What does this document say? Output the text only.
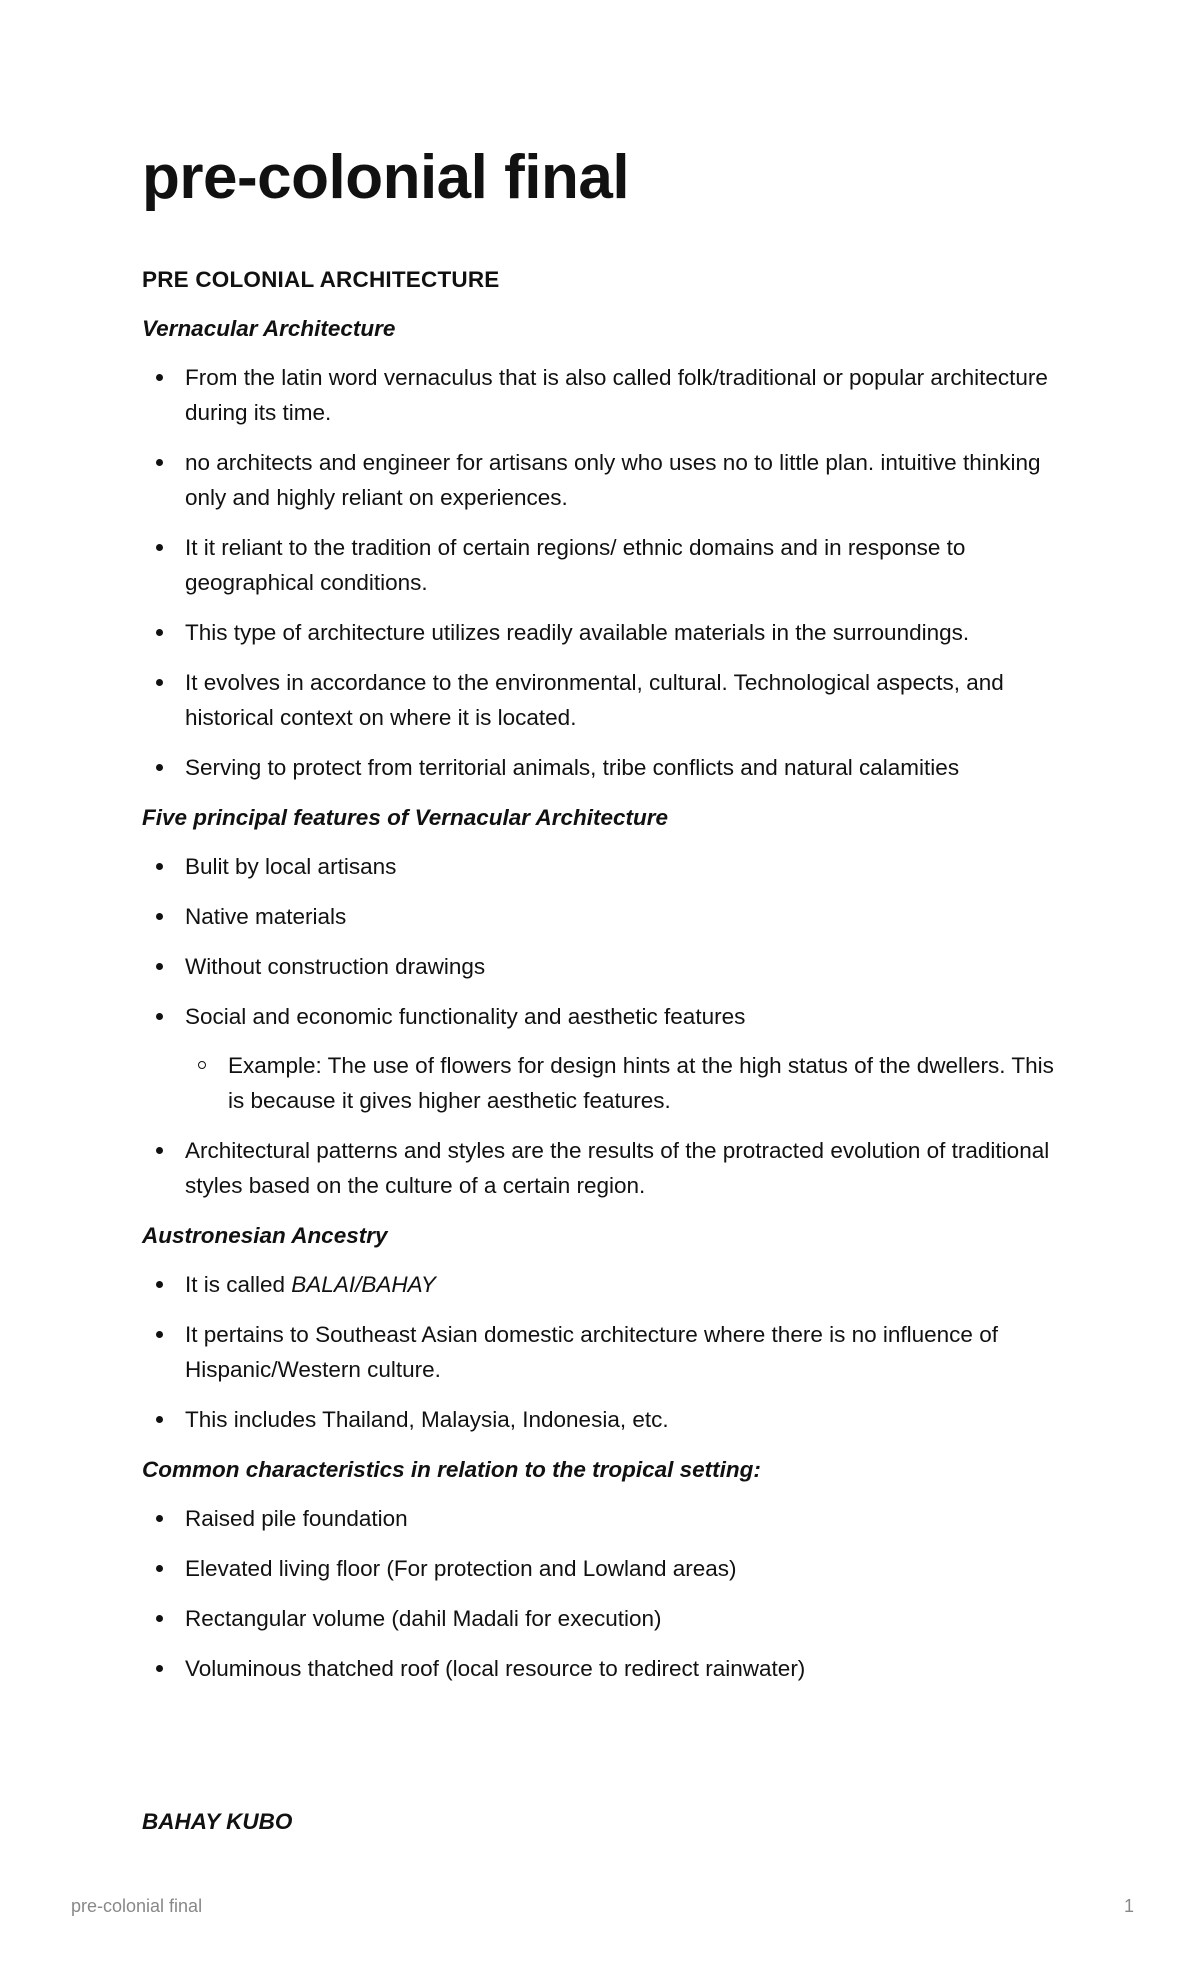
pre-colonial final
PRE COLONIAL ARCHITECTURE
Vernacular Architecture
From the latin word vernaculus that is also called folk/traditional or popular architecture during its time.
no architects and engineer for artisans only who uses no to little plan. intuitive thinking only and highly reliant on experiences.
It it reliant to the tradition of certain regions/ ethnic domains and in response to geographical conditions.
This type of architecture utilizes readily available materials in the surroundings.
It evolves in accordance to the environmental, cultural. Technological aspects, and historical context on where it is located.
Serving to protect from territorial animals, tribe conflicts and natural calamities
Five principal features of Vernacular Architecture
Bulit by local artisans
Native materials
Without construction drawings
Social and economic functionality and aesthetic features
Example: The use of flowers for design hints at the high status of the dwellers. This is because it gives higher aesthetic features.
Architectural patterns and styles are the results of the protracted evolution of traditional styles based on the culture of a certain region.
Austronesian Ancestry
It is called BALAI/BAHAY
It pertains to Southeast Asian domestic architecture where there is no influence of Hispanic/Western culture.
This includes Thailand, Malaysia, Indonesia, etc.
Common characteristics in relation to the tropical setting:
Raised pile foundation
Elevated living floor (For protection and Lowland areas)
Rectangular volume (dahil Madali for execution)
Voluminous thatched roof (local resource to redirect rainwater)
BAHAY KUBO
pre-colonial final	1
